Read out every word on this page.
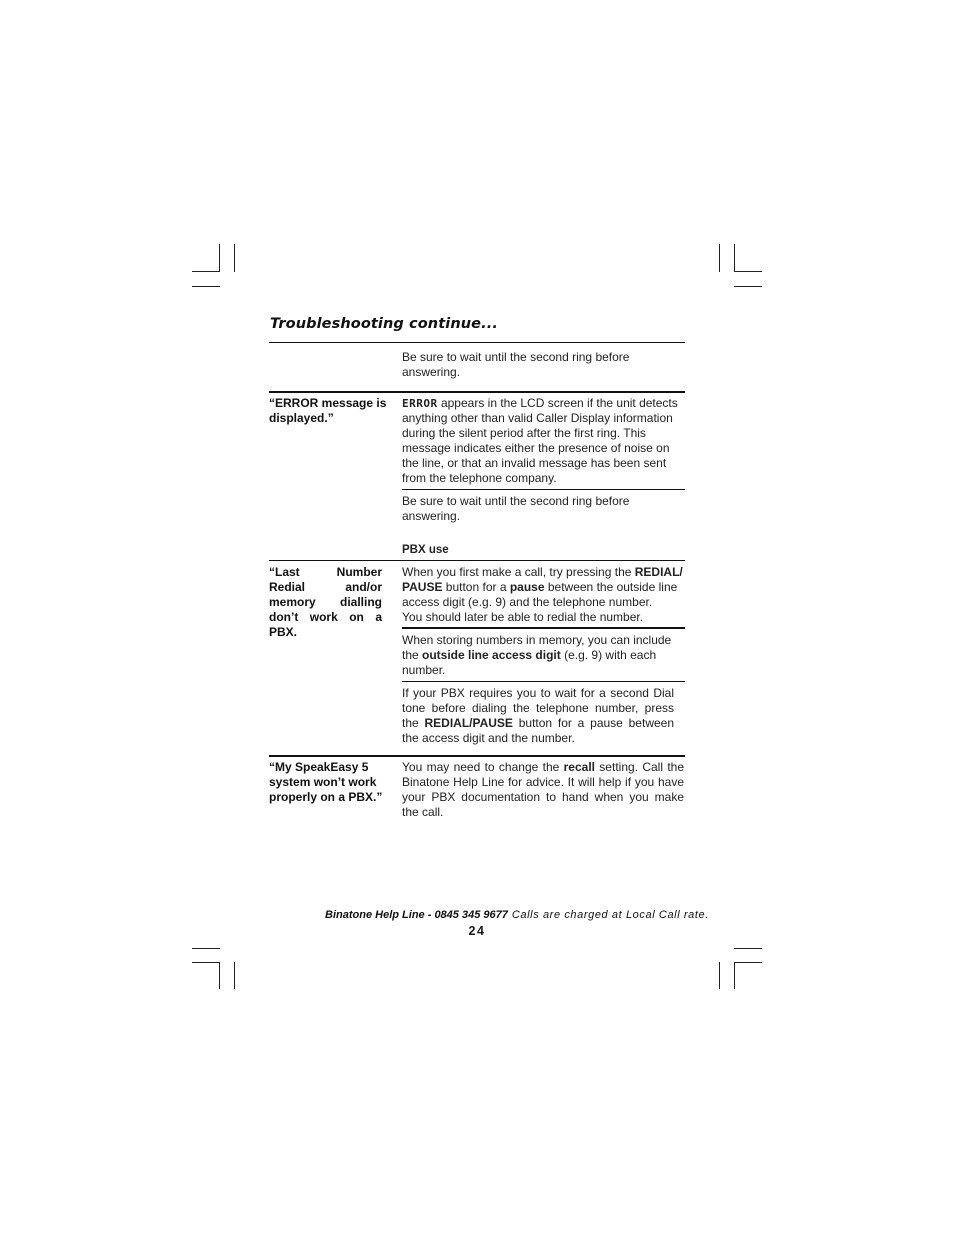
Troubleshooting continue...
Be sure to wait until the second ring before answering.
“ERROR message is displayed.”
ERROR appears in the LCD screen if the unit detects anything other than valid Caller Display information during the silent period after the first ring. This message indicates either the presence of noise on the line, or that an invalid message has been sent from the telephone company.
Be sure to wait until the second ring before answering.
PBX use
“Last Number Redial and/or memory dialling don’t work on a PBX.
When you first make a call, try pressing the REDIAL/ PAUSE button for a pause between the outside line access digit (e.g. 9) and the telephone number.
You should later be able to redial the number.
When storing numbers in memory, you can include the outside line access digit (e.g. 9) with each number.
If your PBX requires you to wait for a second Dial tone before dialing the telephone number, press the REDIAL/PAUSE button for a pause between the access digit and the number.
“My SpeakEasy 5 system won’t work properly on a PBX.”
You may need to change the recall setting. Call the Binatone Help Line for advice. It will help if you have your PBX documentation to hand when you make the call.
Binatone Help Line - 0845 345 9677 Calls are charged at Local Call rate.
24
